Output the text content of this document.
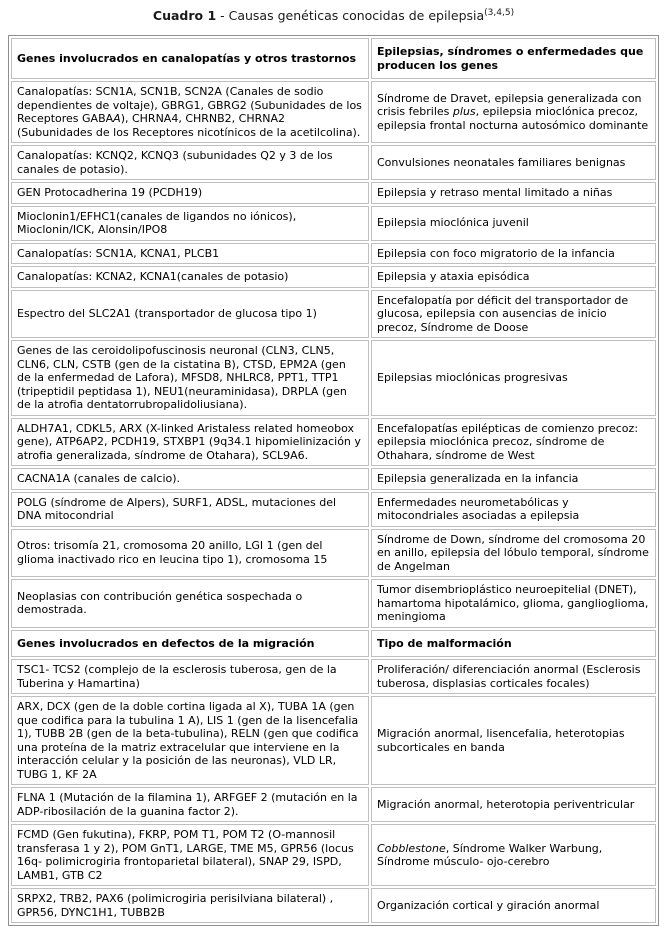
Cuadro 1 - Causas genéticas conocidas de epilepsia$^{(3,4,5)}$
Genes involucrados en canalopatías y otros trastornos	Epilepsias, síndromes o enfermedades que producen los genes
Canalopatías: SCN1A, SCN1B, SCN2A (Canales de sodio dependientes de voltaje), GBRG1, GBRG2 (Subunidades de los Receptores GABAA), CHRNA4, CHRNB2, CHRNA2 (Subunidades de los Receptores nicotínicos de la acetilcolina).	Síndrome de Dravet, epilepsia generalizada con crisis febriles plus, epilepsia mioclónica precoz, epilepsia frontal nocturna autosómico dominante
Canalopatías: KCNQ2, KCNQ3 (subunidades Q2 y 3 de los canales de potasio).	Convulsiones neonatales familiares benignas
GEN Protocadherina 19 (PCDH19)	Epilepsia y retraso mental limitado a niñas
Mioclonin1/EFHC1(canales de ligandos no iónicos), Mioclonin/ICK, Alonsin/IPO8	Epilepsia mioclónica juvenil
Canalopatías: SCN1A, KCNA1, PLCB1	Epilepsia con foco migratorio de la infancia
Canalopatías: KCNA2, KCNA1(canales de potasio)	Epilepsia y ataxia episódica
Espectro del SLC2A1 (transportador de glucosa tipo 1)	Encefalopatía por déficit del transportador de glucosa, epilepsia con ausencias de inicio precoz, Síndrome de Doose
Genes de las ceroidolipofuscinosis neuronal (CLN3, CLN5, CLN6, CLN, CSTB (gen de la cistatina B), CTSD, EPM2A (gen de la enfermedad de Lafora), MFSD8, NHLRC8, PPT1, TTP1 (tripeptidil peptidasa 1), NEU1(neuraminidasa), DRPLA (gen de la atrofia dentatorrubropalidoliusiana).	Epilepsias mioclónicas progresivas
ALDH7A1, CDKL5, ARX (X-linked Aristaless related homeobox gene), ATP6AP2, PCDH19, STXBP1 (9q34.1 hipomielinización y atrofia generalizada, síndrome de Otahara), SCL9A6.	Encefalopatías epilépticas de comienzo precoz: epilepsia mioclónica precoz, síndrome de Othahara, síndrome de West
CACNA1A (canales de calcio).	Epilepsia generalizada en la infancia
POLG (síndrome de Alpers), SURF1, ADSL, mutaciones del DNA mitocondrial	Enfermedades neurometabólicas y mitocondriales asociadas a epilepsia
Otros: trisomía 21, cromosoma 20 anillo, LGI 1 (gen del glioma inactivado rico en leucina tipo 1), cromosoma 15	Síndrome de Down, síndrome del cromosoma 20 en anillo, epilepsia del lóbulo temporal, síndrome de Angelman
Neoplasias con contribución genética sospechada o demostrada.	Tumor disembrioplástico neuroepitelial (DNET), hamartoma hipotalámico, glioma, ganglioglioma, meningioma
Genes involucrados en defectos de la migración	Tipo de malformación
TSC1- TCS2 (complejo de la esclerosis tuberosa, gen de la Tuberina y Hamartina)	Proliferación/ diferenciación anormal (Esclerosis tuberosa, displasias corticales focales)
ARX, DCX (gen de la doble cortina ligada al X), TUBA 1A (gen que codifica para la tubulina 1 A), LIS 1 (gen de la lisencefalia 1), TUBB 2B (gen de la beta-tubulina), RELN (gen que codifica una proteína de la matriz extracelular que interviene en la interacción celular y la posición de las neuronas), VLD LR, TUBG 1, KF 2A	Migración anormal, lisencefalia, heterotopias subcorticales en banda
FLNA 1 (Mutación de la filamina 1), ARFGEF 2 (mutación en la ADP-ribosilación de la guanina factor 2).	Migración anormal, heterotopia periventricular
FCMD (Gen fukutina), FKRP, POM T1, POM T2 (O-mannosil transferasa 1 y 2), POM GnT1, LARGE, TME M5, GPR56 (locus 16q- polimicrogiria frontoparietal bilateral), SNAP 29, ISPD, LAMB1, GTB C2	Cobblestone, Síndrome Walker Warbung, Síndrome músculo- ojo-cerebro
SRPX2, TRB2, PAX6 (polimicrogiria perisilviana bilateral) , GPR56, DYNC1H1, TUBB2B	Organización cortical y giración anormal
